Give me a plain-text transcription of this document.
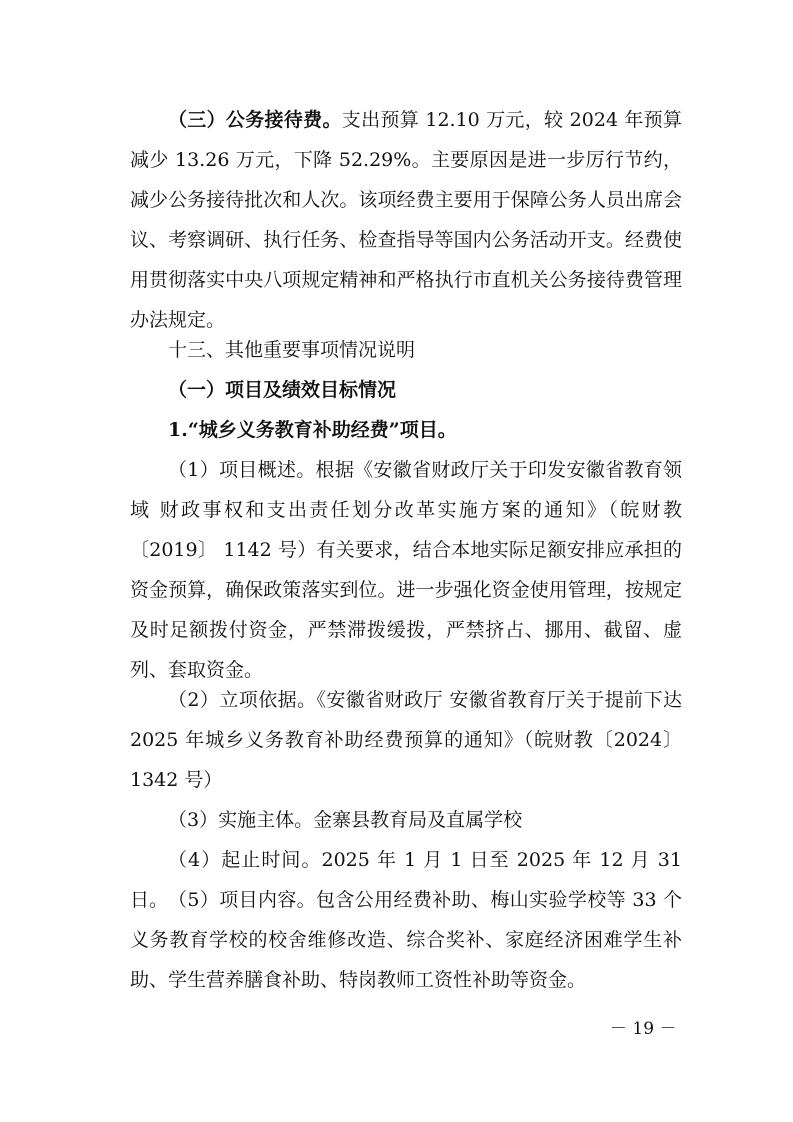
（三）公务接待费。支出预算 12.10 万元，较 2024 年预算减少 13.26 万元，下降 52.29%。主要原因是进一步厉行节约，减少公务接待批次和人次。该项经费主要用于保障公务人员出席会议、考察调研、执行任务、检查指导等国内公务活动开支。经费使用贯彻落实中央八项规定精神和严格执行市直机关公务接待费管理办法规定。

十三、其他重要事项情况说明

（一）项目及绩效目标情况

1.“城乡义务教育补助经费”项目。

（1）项目概述。根据《安徽省财政厅关于印发安徽省教育领域 财政事权和支出责任划分改革实施方案的通知》（皖财教〔2019〕 1142 号）有关要求，结合本地实际足额安排应承担的资金预算，确保政策落实到位。进一步强化资金使用管理，按规定及时足额拨付资金，严禁滞拨缓拨，严禁挤占、挪用、截留、虚列、套取资金。

（2）立项依据。《安徽省财政厅 安徽省教育厅关于提前下达 2025 年城乡义务教育补助经费预算的通知》（皖财教〔2024〕1342 号）

（3）实施主体。金寨县教育局及直属学校

（4）起止时间。2025 年 1 月 1 日至 2025 年 12 月 31 日。 （5）项目内容。包含公用经费补助、梅山实验学校等 33 个义务教育学校的校舍维修改造、综合奖补、家庭经济困难学生补助、学生营养膳食补助、特岗教师工资性补助等资金。

－ 19 －
